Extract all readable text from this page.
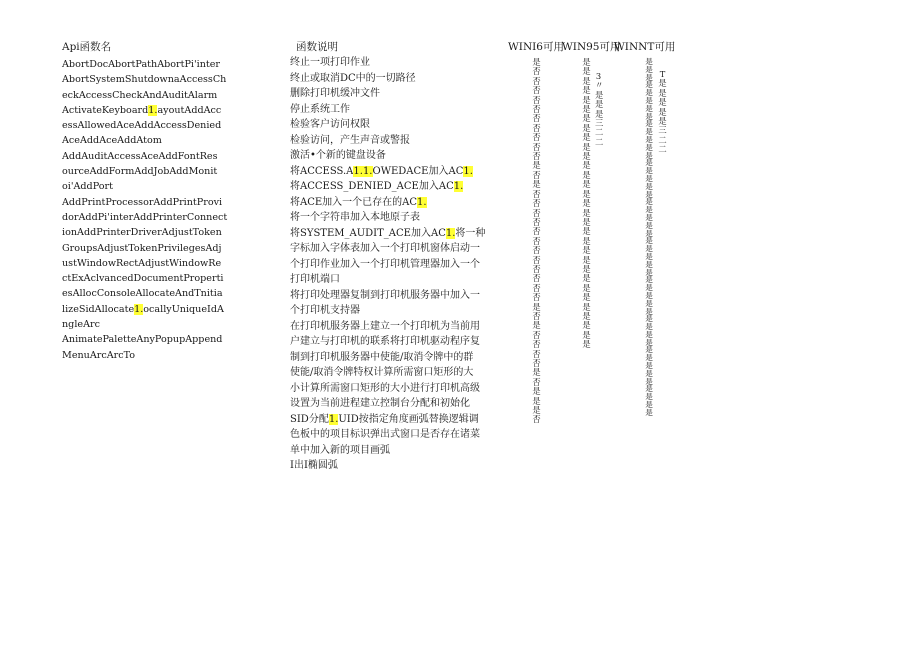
Api函数名	函数说明	WINI6可用
WIN95可用
WINNT可用
AbortDocAbortPathAbortPi'inter
AbortSystemShutdownaAccessCh
eckAccessCheckAndAuditAlarm
ActivateKeyboard1.ayoutAddAcc
essAllowedAceAddAccessDenied
AceAddAceAddAtom
AddAuditAccessAceAddFontRes
ourceAddFormAddJobAddMonit
oi'AddPort
AddPrintProcessorAddPrintProvi
dorAddPi'interAddPrinterConnect
ionAddPrinterDriverAdjustToken
GroupsAdjustTokenPrivilegesAdj
ustWindowRectAdjustWindowRe
ctExAclvancedDocumentProperti
esAllocConsoleAllocateAndTnitia
lizeSidAllocate1.ocallyUniqueIdA
ngleArc
AnimatePaletteAnyPopupAppend
MenuArcArcTo
终止一项打印作业
终止或取消DC中的一切路径
删除打印机缓冲文件
停止系统工作
检验客户访问权限
检验访问，产生声音或警报
激活•个新的键盘设备
将ACCESS.A1.1.OWEDACE加入AC1.
将ACCESS_DENIED_ACE加入AC1.
将ACE加入一个已存在的AC1.
将一个字符串加入本地原子表
将SYSTEM_AUDIT_ACE加入AC1.将一种
字标加入字体表加入一个打印机窗体启动一
个打印作业加入一个打印机管理器加入一个
打印机端口
将打印处理器复制到打印机服务器中加入一
个打印机支持器
在打印机服务器上建立一个打印机为当前用
户建立与打印机的联系将打印机驱动程序复
制到打印机服务器中使能/取消令牌中的群
使能/取消令牌特权计算所需窗口矩形的大
小计算所需窗口矩形的大小进行打印机高级
设置为当前进程建立控制台分配和初始化
SID分配1.UID按指定角度画弧替换逻辑调
色板中的项目标识弹出式窗口是否存在诸菜
单中加入新的项目画弧
I出I椭圆弧
是否否否否否否否否否否是否是否否否否否否否否否否否否是否是否否否否是否是是是否
是是是是是是是是是是是是是是是是是是是是是是是是是是是是是是是
3〃是是是三二二
是是是是是是是是是是是是是是是是是是是是是是是是是是是是是是是是是是是是是是是是是是是是是是
T是是是是是三二二
